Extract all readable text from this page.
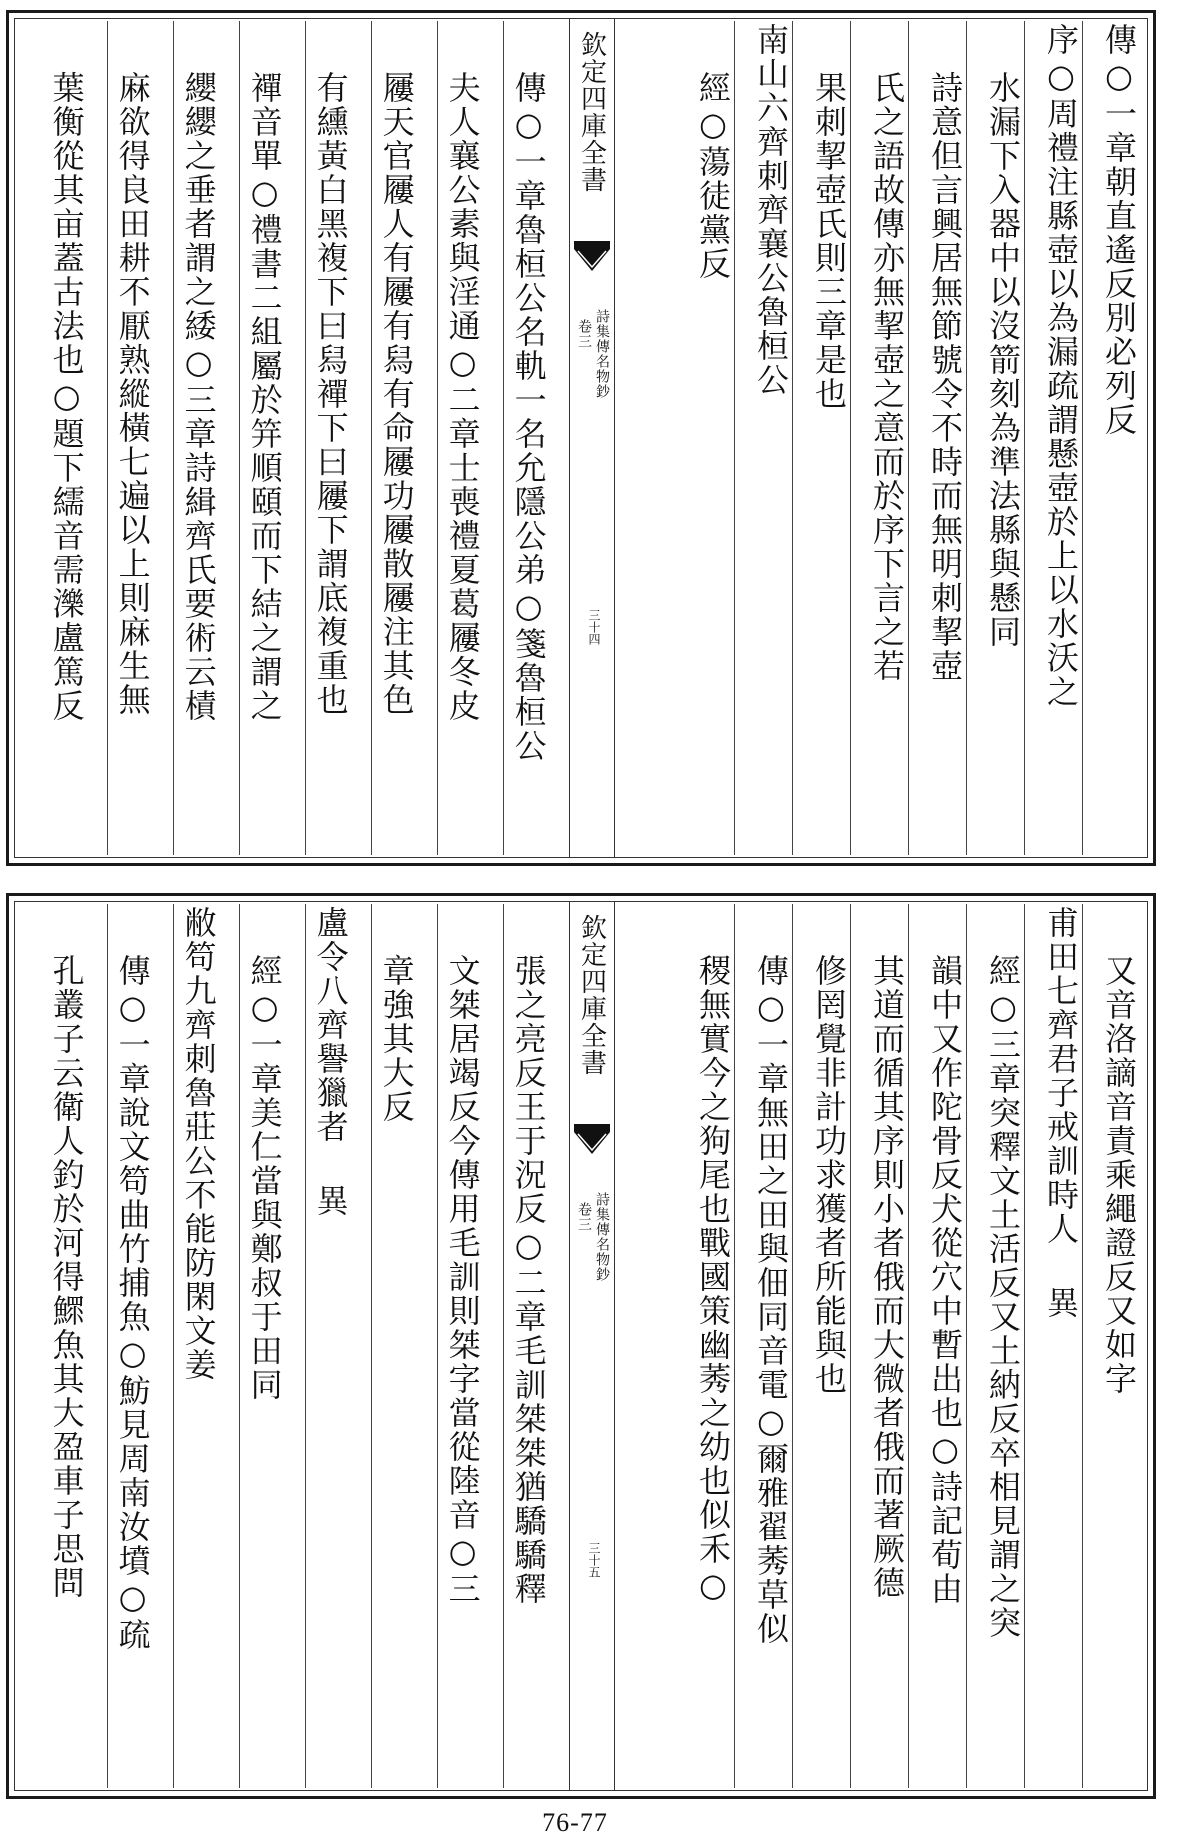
傳○一章朝直遙反別必列反
序○周禮注縣壺以為漏疏謂懸壺於上以水沃之
水漏下入器中以沒箭刻為準法縣與懸同
詩意但言興居無節號令不時而無明刺挈壺
氏之語故傳亦無挈壺之意而於序下言之若
果刺挈壺氏則三章是也
南山六齊刺齊襄公魯桓公
經○蕩徒黨反
欽定四庫全書
詩集傳名物鈔
卷三
三十四
傳○一章魯桓公名軌一名允隱公弟○箋魯桓公
夫人襄公素與淫通○二章士喪禮夏葛屨冬皮
屨天官屨人有屨有舄有命屨功屨散屨注其色
有纁黃白黑複下曰舄襌下曰屨下謂底複重也
襌音單○禮書二組屬於笄順頤而下結之謂之
纓纓之垂者謂之緌○三章詩緝齊氏要術云樍
麻欲得良田耕不厭熟縱橫七遍以上則麻生無
葉衡從其亩蓋古法也○題下繻音需濼盧篤反
又音洛謫音責乘繩證反又如字
甫田七齊君子戒訓時人 異
經○三章突釋文土活反又土納反卒相見謂之突
韻中又作陀骨反犬從穴中暫出也○詩記荀由
其道而循其序則小者俄而大微者俄而著厥德
修罔覺非計功求獲者所能與也
傳○一章無田之田與佃同音電○爾雅翟莠草似
稷無實今之狗尾也戰國策幽莠之幼也似禾○
欽定四庫全書
詩集傳名物鈔
卷三
三十五
張之亮反王于況反○二章毛訓桀桀猶驕驕釋
文桀居竭反今傳用毛訓則桀字當從陸音○三
章強其大反
盧令八齊譽獵者 異
經○一章美仁當與鄭叔于田同
敝笱九齊刺魯莊公不能防閑文姜
傳○一章說文笱曲竹捕魚○魴見周南汝墳○疏
孔叢子云衛人釣於河得鰥魚其大盈車子思問
76-77
